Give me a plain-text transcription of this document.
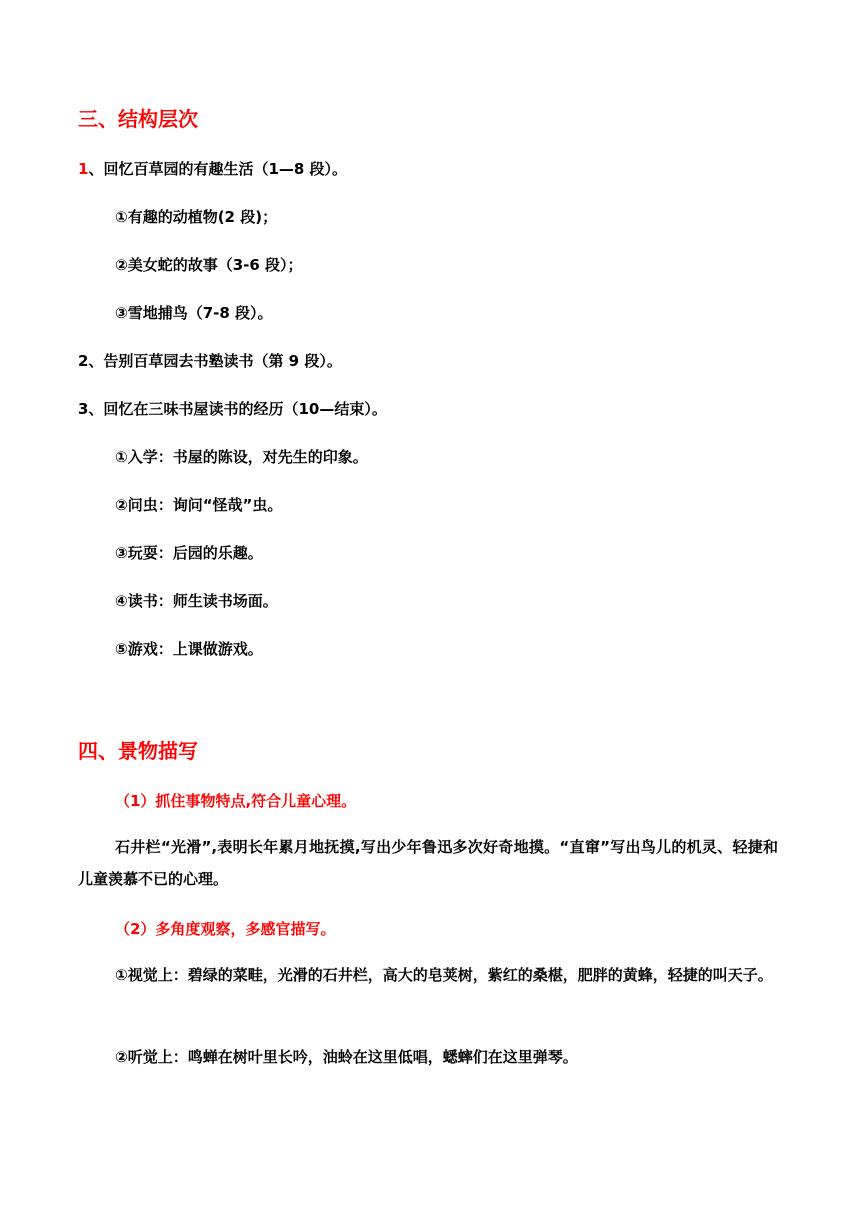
三、结构层次
1、回忆百草园的有趣生活（1—8 段）。
①有趣的动植物(2 段)；
②美女蛇的故事（3-6 段）；
③雪地捕鸟（7-8 段）。
2、告别百草园去书塾读书（第 9 段）。
3、回忆在三味书屋读书的经历（10—结束）。
①入学：书屋的陈设，对先生的印象。
②问虫：询问“怪哉”虫。
③玩耍：后园的乐趣。
④读书：师生读书场面。
⑤游戏：上课做游戏。
四、景物描写
（1）抓住事物特点,符合儿童心理。
石井栏“光滑”,表明长年累月地抚摸,写出少年鲁迅多次好奇地摸。“直窜”写出鸟儿的机灵、轻捷和儿童羡慕不已的心理。
（2）多角度观察，多感官描写。
①视觉上：碧绿的菜畦，光滑的石井栏，高大的皂荚树，紫红的桑椹，肥胖的黄蜂，轻捷的叫天子。
②听觉上：鸣蝉在树叶里长吟，油蛉在这里低唱，蟋蟀们在这里弹琴。
